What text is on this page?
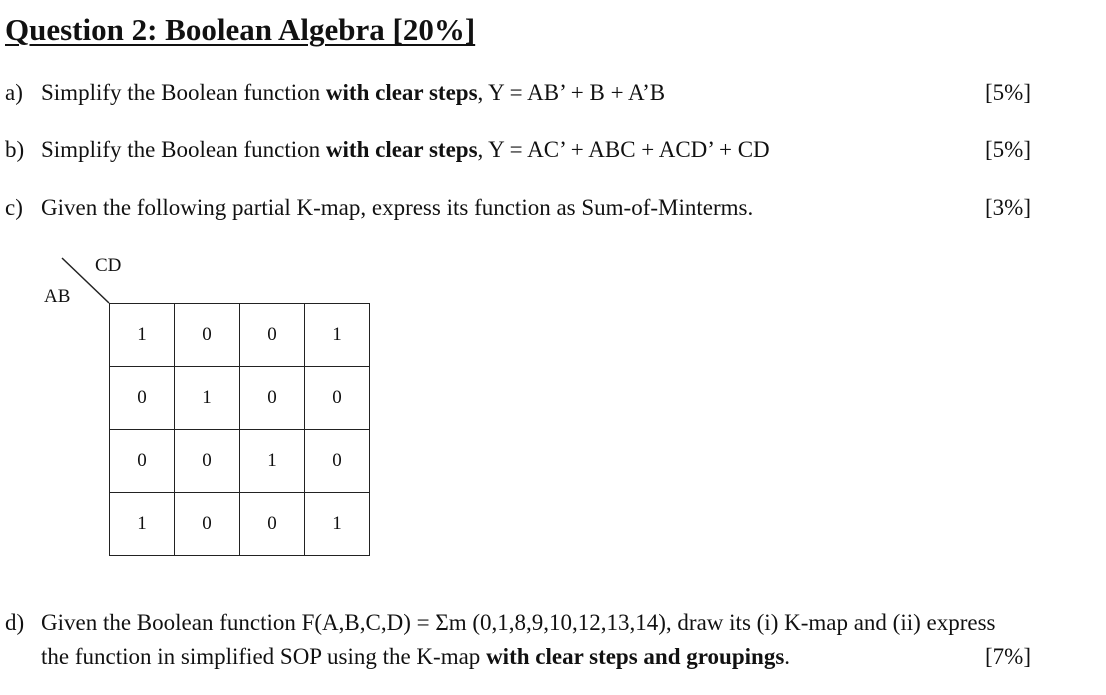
Question 2: Boolean Algebra [20%]
a) Simplify the Boolean function with clear steps, Y = AB’ + B + A’B	[5%]
b) Simplify the Boolean function with clear steps, Y = AC’ + ABC + ACD’ + CD	[5%]
c) Given the following partial K-map, express its function as Sum-of-Minterms.	[3%]
CD
AB
1	0	0	1
0	1	0	0
0	0	1	0
1	0	0	1
d) Given the Boolean function F(A,B,C,D) = Σm (0,1,8,9,10,12,13,14), draw its (i) K-map and (ii) express
the function in simplified SOP using the K-map with clear steps and groupings.	[7%]
